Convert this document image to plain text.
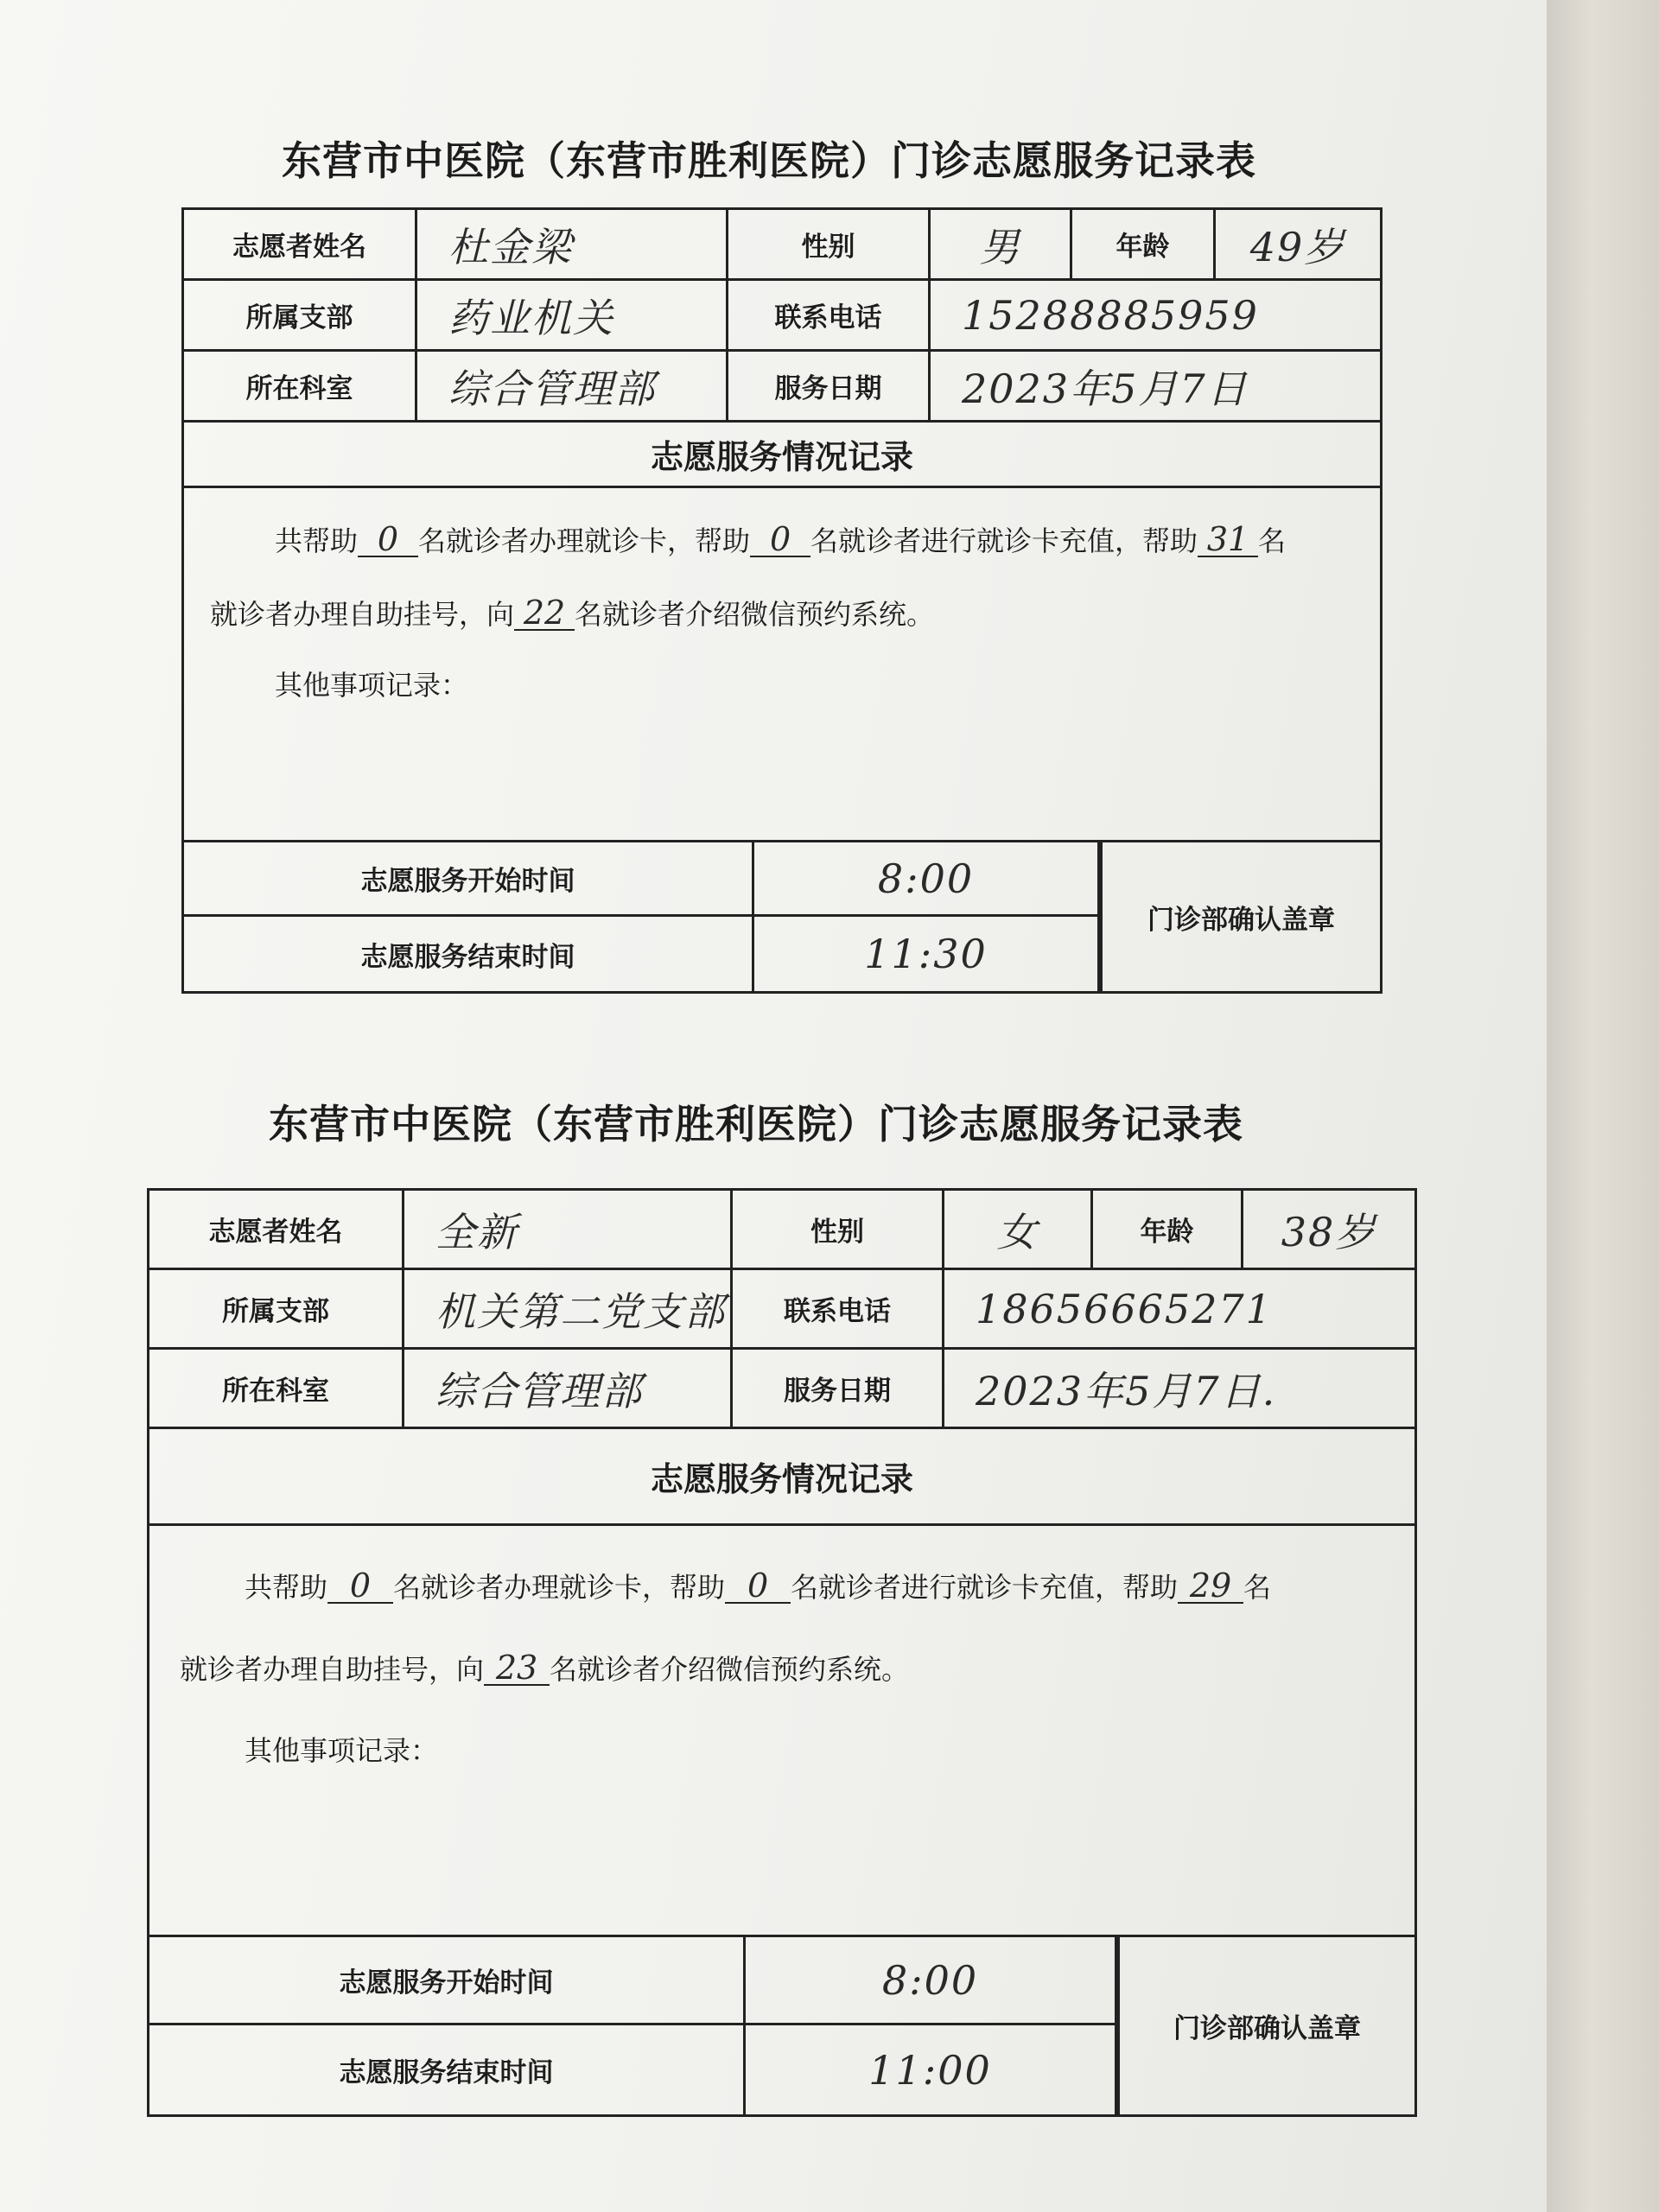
东营市中医院（东营市胜利医院）门诊志愿服务记录表
志愿者姓名	杜金梁	性别	男	年龄	49岁
所属支部	药业机关	联系电话	15288885959
所在科室	综合管理部	服务日期	2023年5月7日
志愿服务情况记录
共帮助 0 名就诊者办理就诊卡，帮助 0 名就诊者进行就诊卡充值，帮助 31 名
就诊者办理自助挂号，向 22 名就诊者介绍微信预约系统。
其他事项记录：
志愿服务开始时间	8:00
志愿服务结束时间	11:30
门诊部确认盖章
东营市中医院（东营市胜利医院）门诊志愿服务记录表
志愿者姓名	全新	性别	女	年龄	38岁
所属支部	机关第二党支部 联系电话	18656665271
所在科室	综合管理部	服务日期	2023年5月7日.
志愿服务情况记录
共帮助 0 名就诊者办理就诊卡，帮助 0 名就诊者进行就诊卡充值，帮助 29 名
就诊者办理自助挂号，向 23 名就诊者介绍微信预约系统。
其他事项记录：
志愿服务开始时间	8:00
志愿服务结束时间	11:00
门诊部确认盖章
